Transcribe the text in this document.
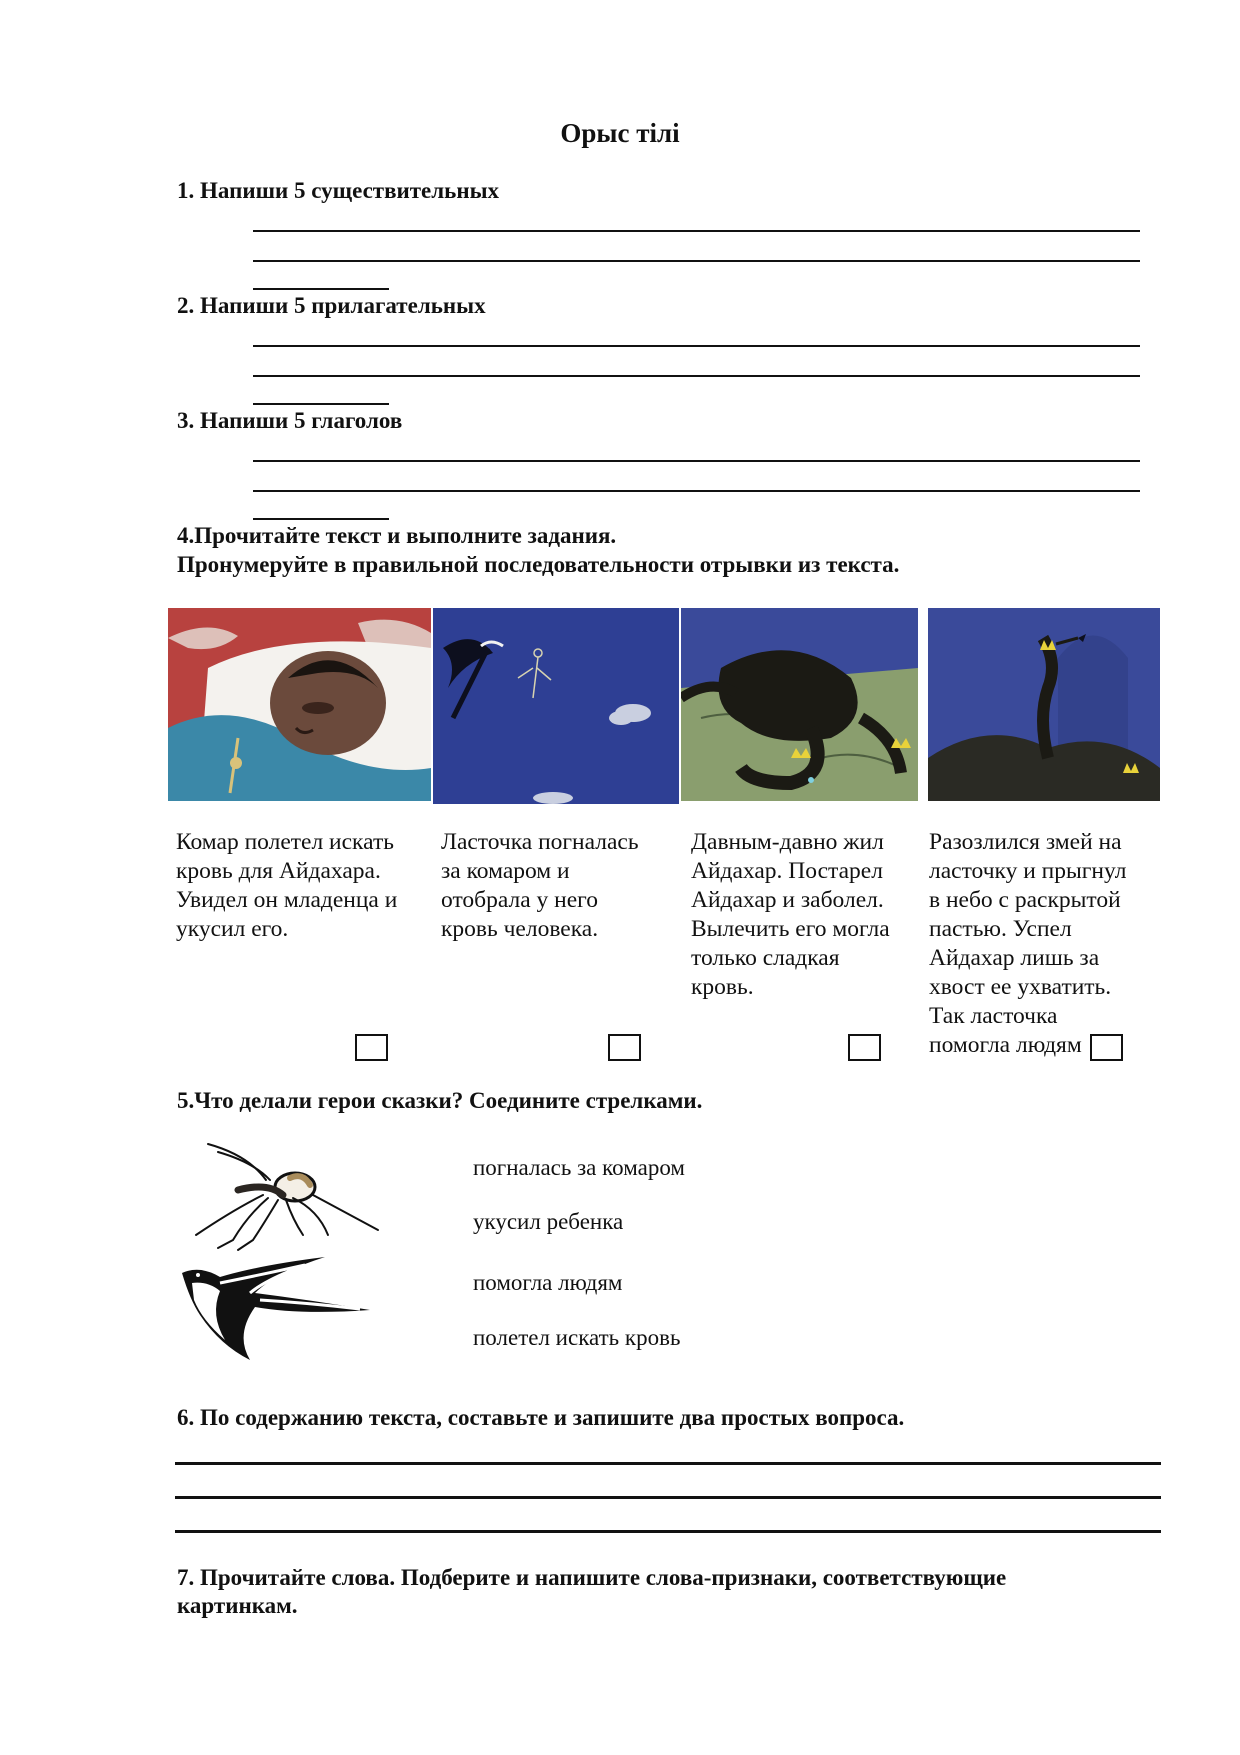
Орыс тілі
1. Напиши 5 существительных
2. Напиши 5 прилагательных
3. Напиши 5 глаголов
4.Прочитайте текст и выполните задания.
Пронумеруйте в правильной последовательности отрывки из текста.
Комар полетел искать
кровь для Айдахара.
Увидел он младенца и
укусил его.
Ласточка погналась
за комаром и
отобрала у него
кровь человека.
Давным-давно жил
Айдахар. Постарел
Айдахар и заболел.
Вылечить его могла
только сладкая
кровь.
Разозлился змей на
ласточку и прыгнул
в небо с раскрытой
пастью. Успел
Айдахар лишь за
хвост ее ухватить.
Так ласточка
помогла людям
5.Что делали герои сказки? Соедините стрелками.
погналась за комаром
укусил ребенка
помогла людям
полетел искать кровь
6. По содержанию текста, составьте и запишите два простых вопроса.
7. Прочитайте слова. Подберите и напишите слова-признаки, соответствующие
картинкам.
